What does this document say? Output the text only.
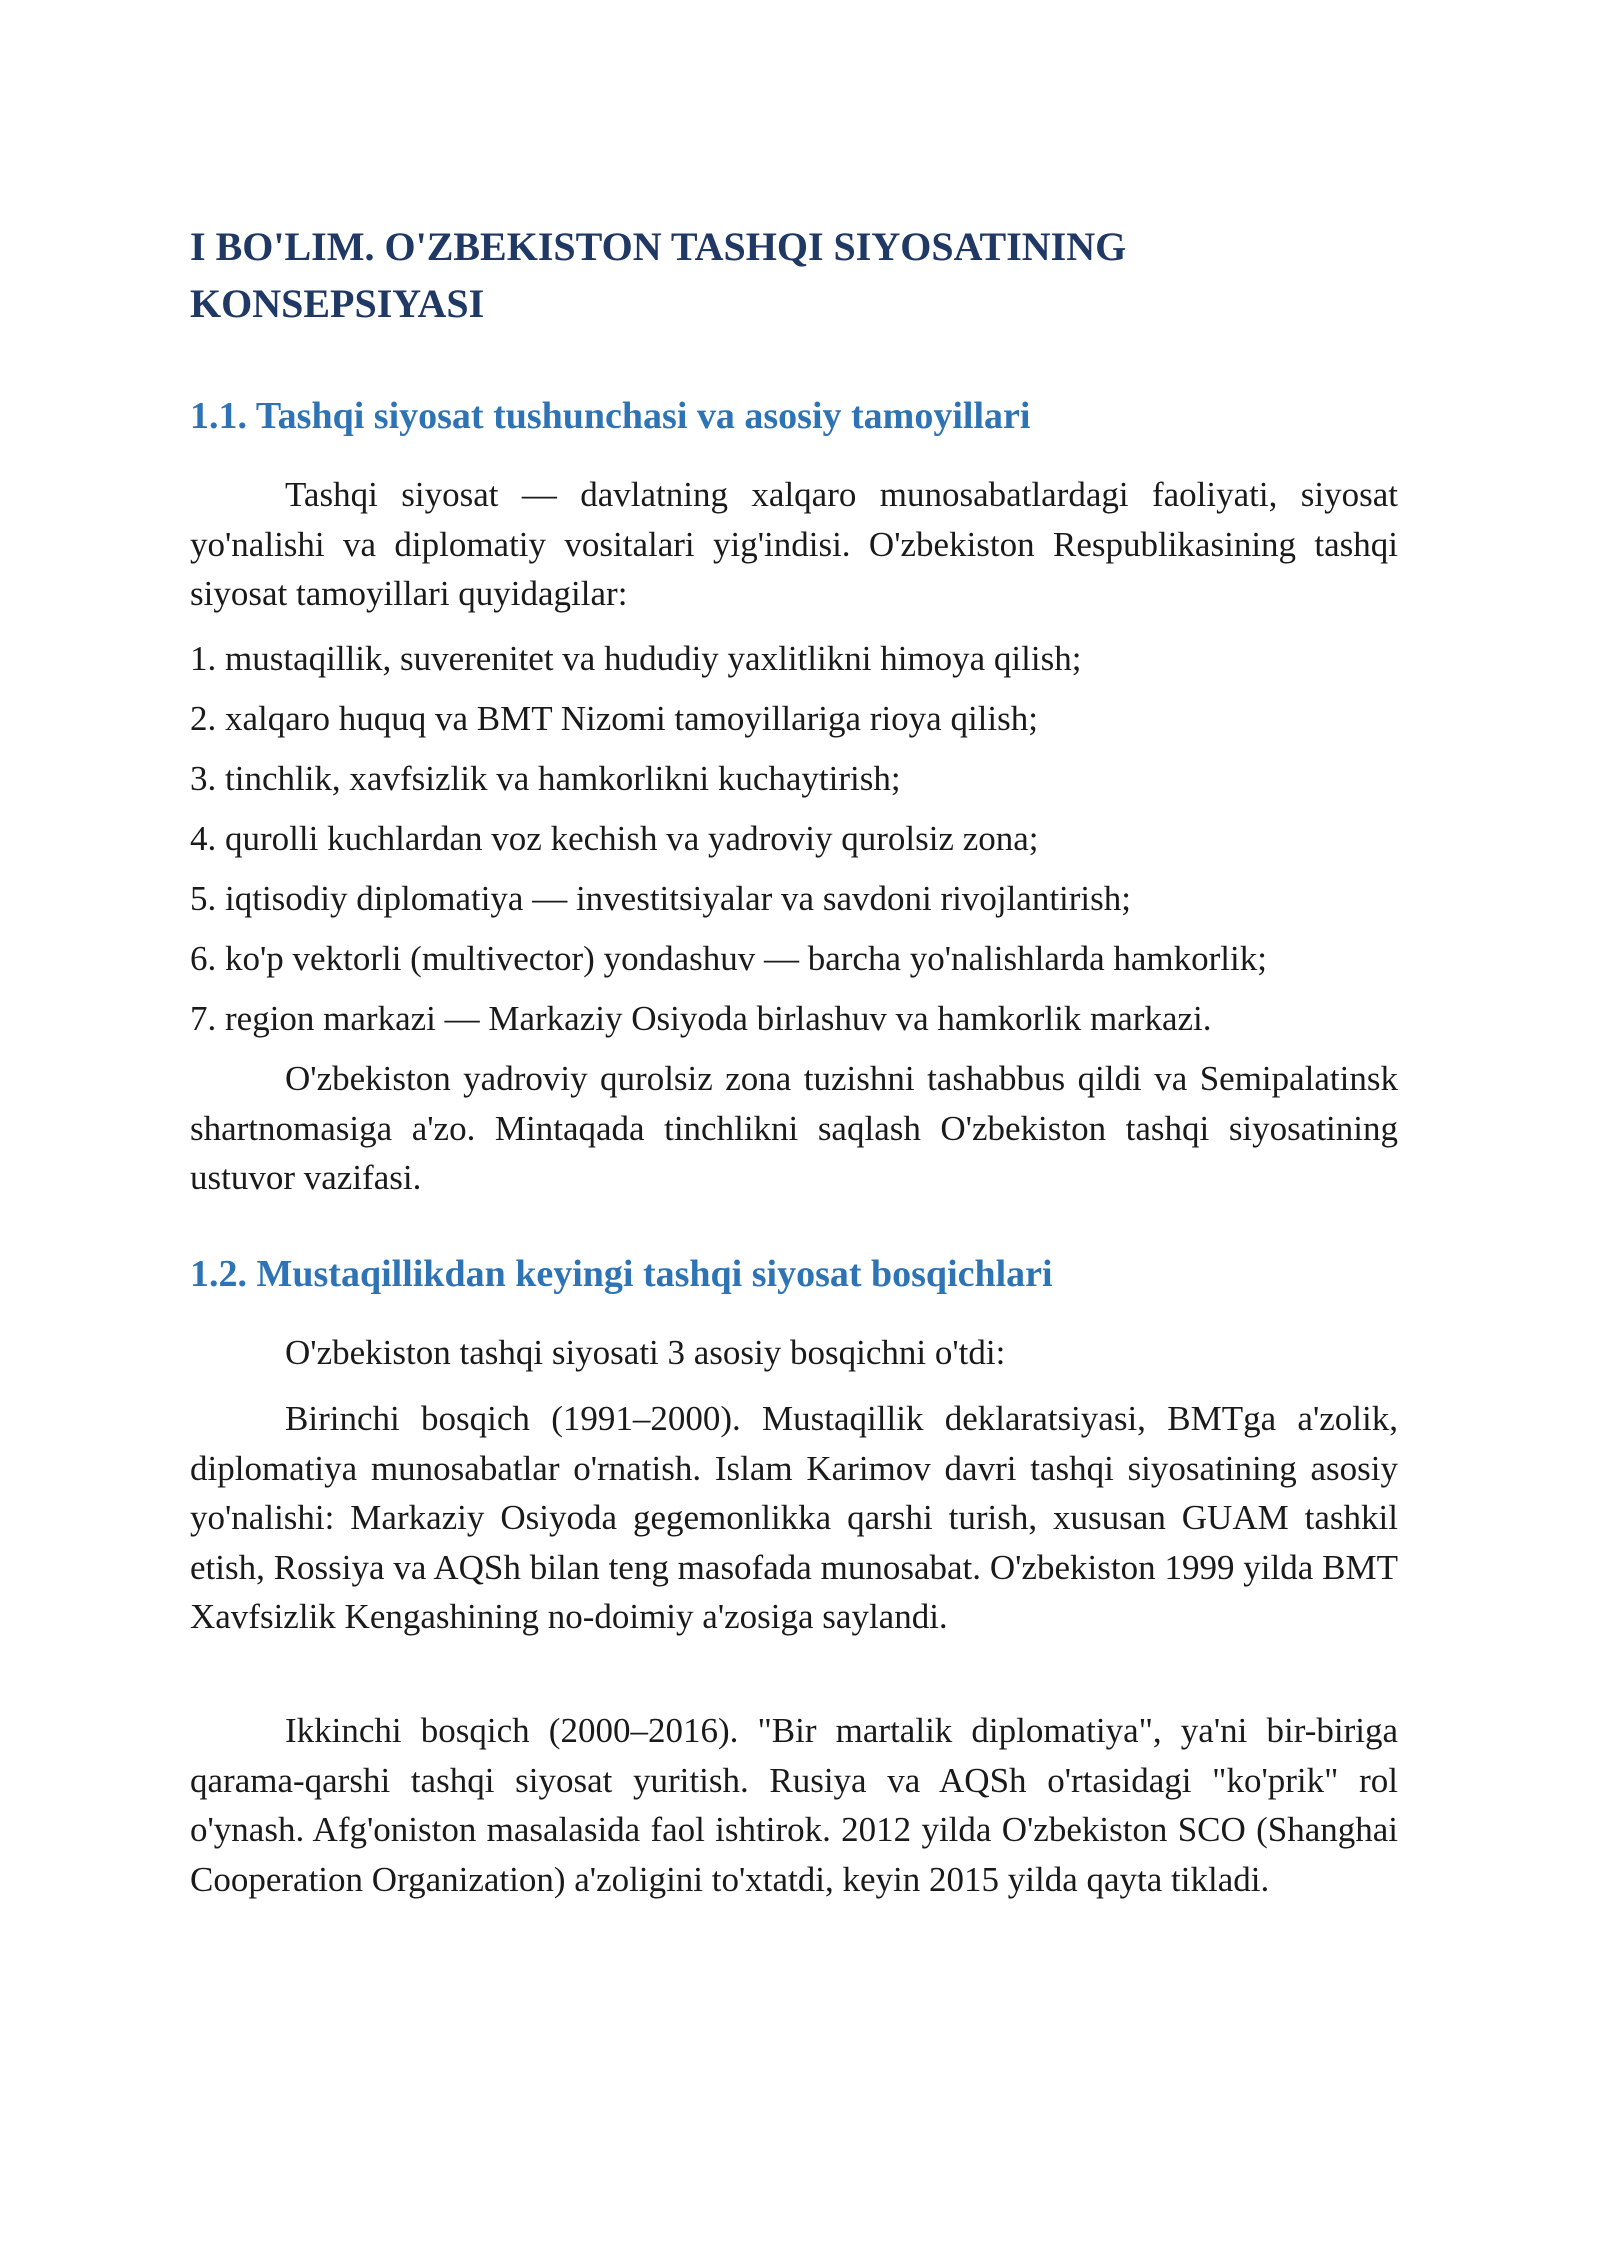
I BO'LIM. O'ZBEKISTON TASHQI SIYOSATINING KONSEPSIYASI
1.1. Tashqi siyosat tushunchasi va asosiy tamoyillari

Tashqi siyosat — davlatning xalqaro munosabatlardagi faoliyati, siyosat yo'nalishi va diplomatiy vositalari yig'indisi. O'zbekiston Respublikasining tashqi siyosat tamoyillari quyidagilar:

1. mustaqillik, suverenitet va hududiy yaxlitlikni himoya qilish;

2. xalqaro huquq va BMT Nizomi tamoyillariga rioya qilish;

3. tinchlik, xavfsizlik va hamkorlikni kuchaytirish;

4. qurolli kuchlardan voz kechish va yadroviy qurolsiz zona;

5. iqtisodiy diplomatiya — investitsiyalar va savdoni rivojlantirish;

6. ko'p vektorli (multivector) yondashuv — barcha yo'nalishlarda hamkorlik;

7. region markazi — Markaziy Osiyoda birlashuv va hamkorlik markazi.

O'zbekiston yadroviy qurolsiz zona tuzishni tashabbus qildi va Semipalatinsk shartnomasiga a'zo. Mintaqada tinchlikni saqlash O'zbekiston tashqi siyosatining ustuvor vazifasi.

1.2. Mustaqillikdan keyingi tashqi siyosat bosqichlari

O'zbekiston tashqi siyosati 3 asosiy bosqichni o'tdi:

Birinchi bosqich (1991–2000). Mustaqillik deklaratsiyasi, BMTga a'zolik, diplomatiya munosabatlar o'rnatish. Islam Karimov davri tashqi siyosatining asosiy yo'nalishi: Markaziy Osiyoda gegemonlikka qarshi turish, xususan GUAM tashkil etish, Rossiya va AQSh bilan teng masofada munosabat. O'zbekiston 1999 yilda BMT Xavfsizlik Kengashining no-doimiy a'zosiga saylandi.

Ikkinchi bosqich (2000–2016). "Bir martalik diplomatiya", ya'ni bir-biriga qarama-qarshi tashqi siyosat yuritish. Rusiya va AQSh o'rtasidagi "ko'prik" rol o'ynash. Afg'oniston masalasida faol ishtirok. 2012 yilda O'zbekiston SCO (Shanghai Cooperation Organization) a'zoligini to'xtatdi, keyin 2015 yilda qayta tikladi.
